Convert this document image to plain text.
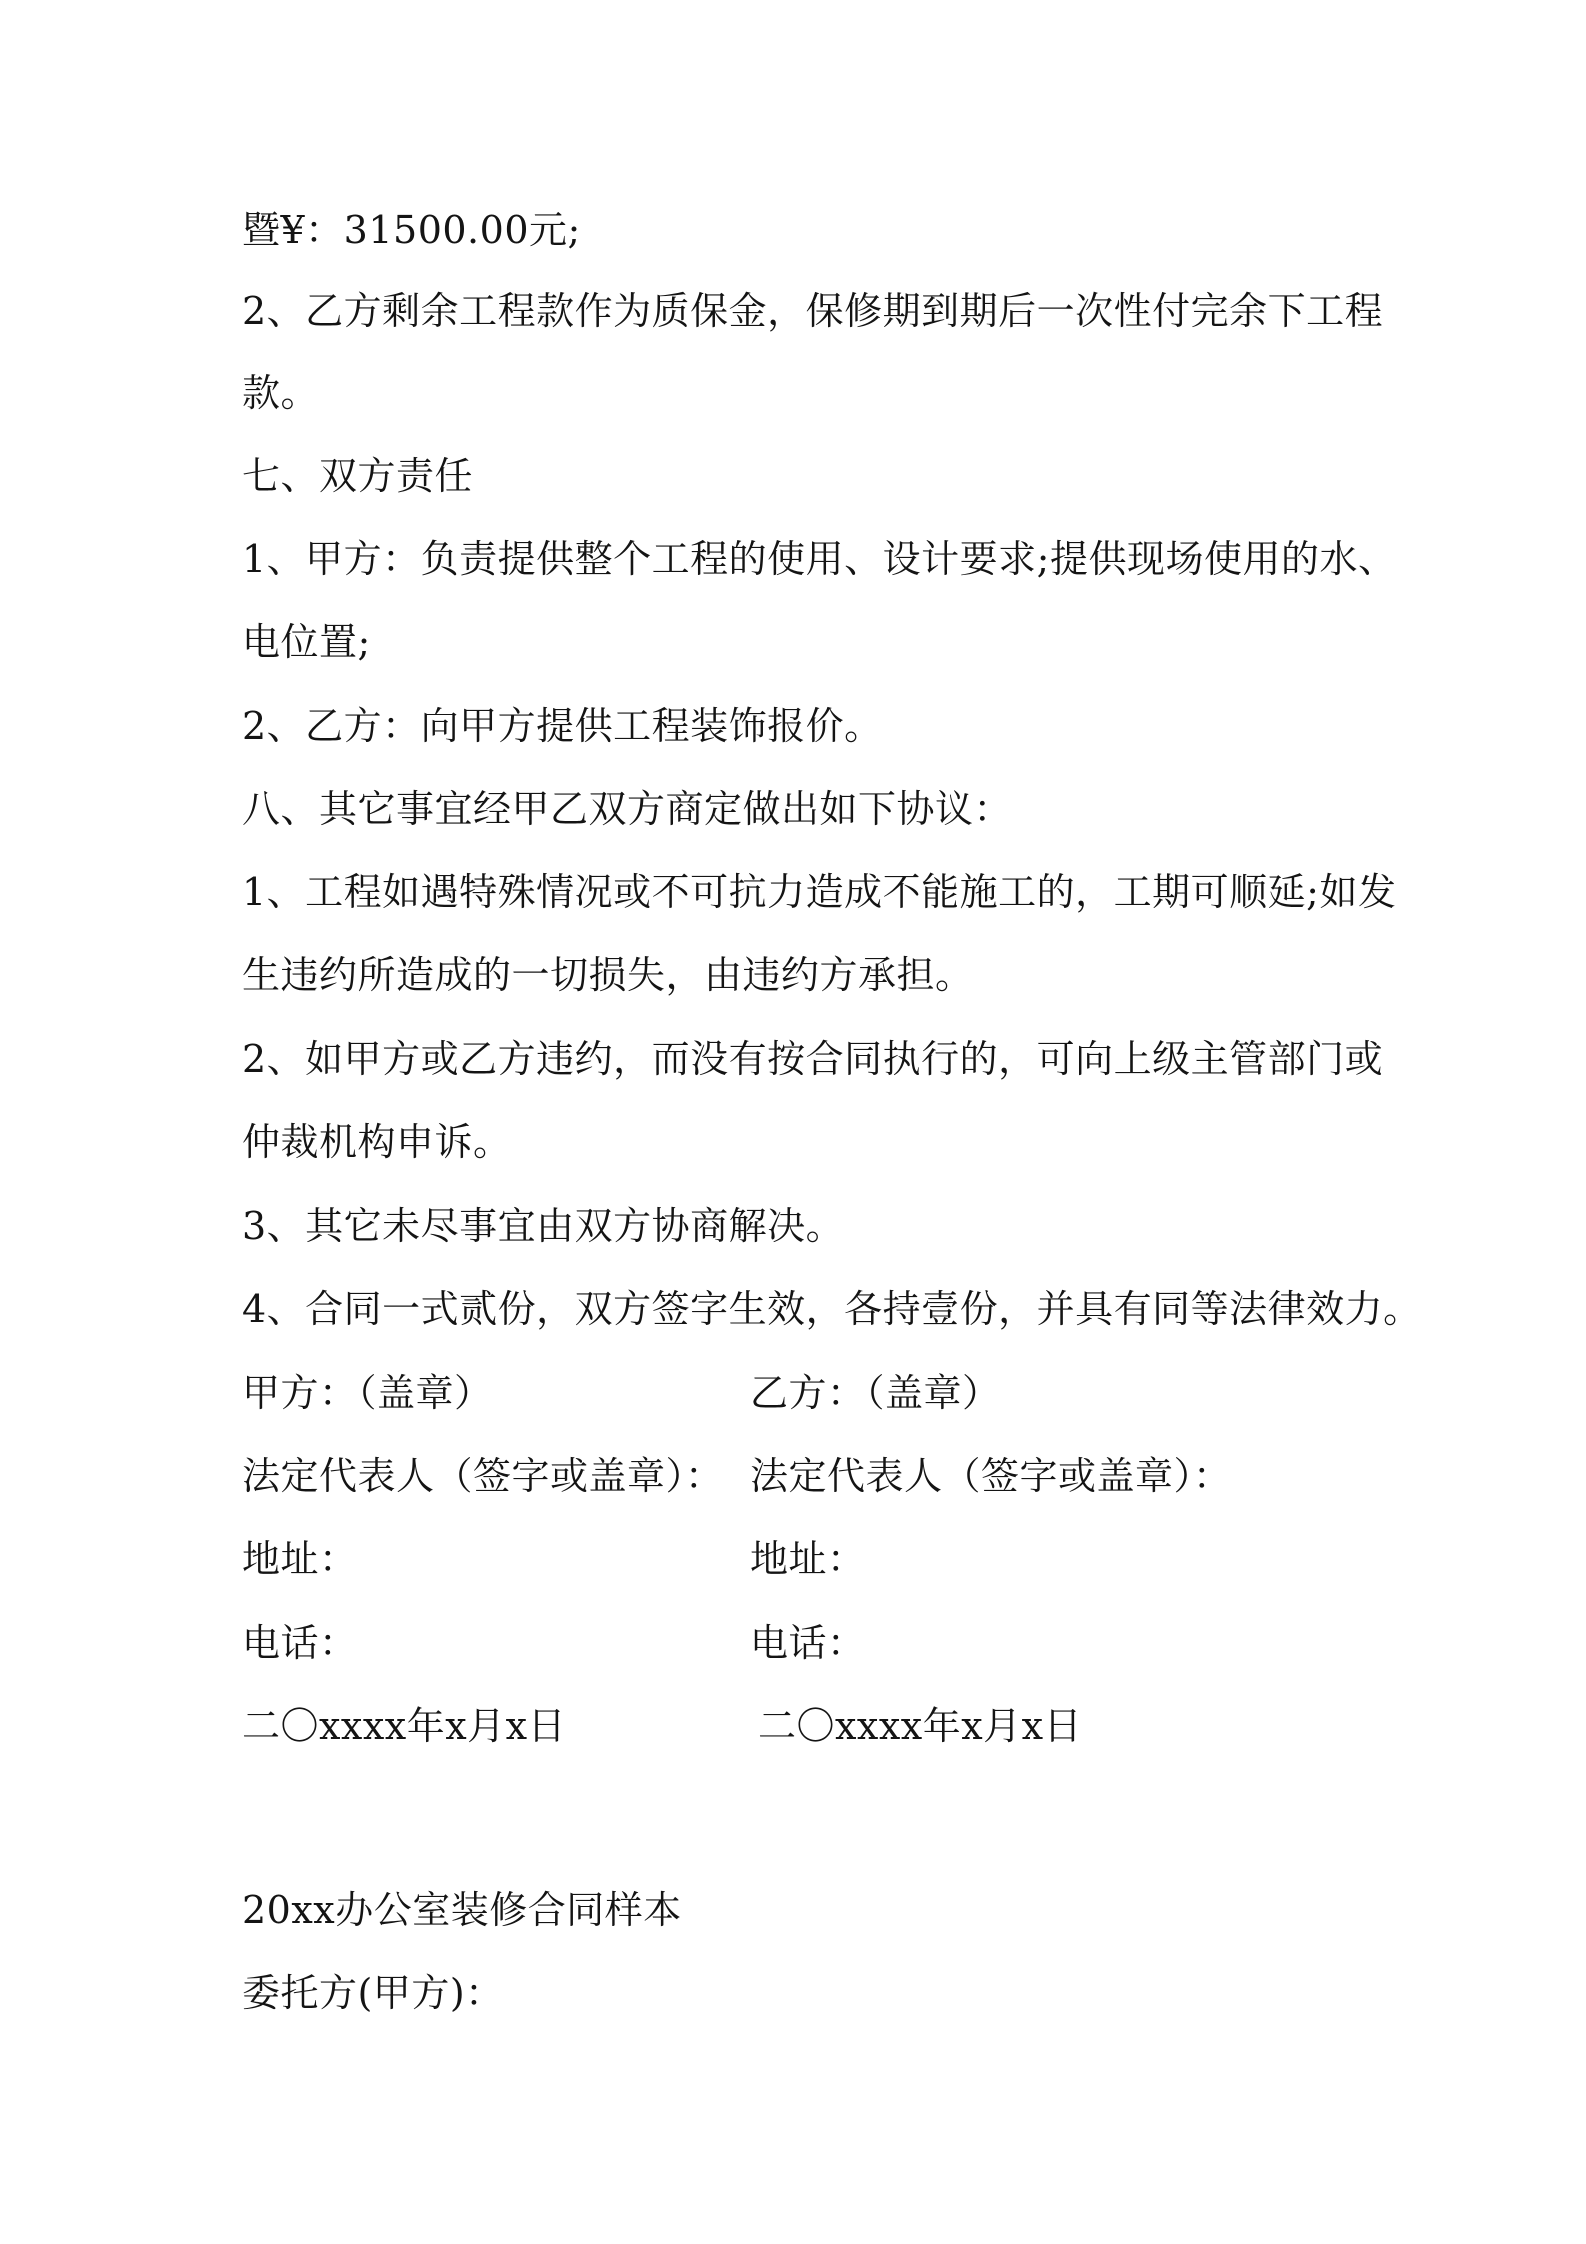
暨¥：31500.00元;
2、乙方剩余工程款作为质保金，保修期到期后一次性付完余下工程
款。
七、双方责任
1、甲方：负责提供整个工程的使用、设计要求;提供现场使用的水、
电位置;
2、乙方：向甲方提供工程装饰报价。
八、其它事宜经甲乙双方商定做出如下协议：
1、工程如遇特殊情况或不可抗力造成不能施工的，工期可顺延;如发
生违约所造成的一切损失，由违约方承担。
2、如甲方或乙方违约，而没有按合同执行的，可向上级主管部门或
仲裁机构申诉。
3、其它未尽事宜由双方协商解决。
4、合同一式贰份，双方签字生效，各持壹份，并具有同等法律效力。
甲方：（盖章）
法定代表人（签字或盖章）：
地址：
电话：
二〇xxxx年x月x日
乙方：（盖章）
法定代表人（签字或盖章）：
地址：
电话：
二〇xxxx年x月x日
20xx办公室装修合同样本
委托方(甲方)：
